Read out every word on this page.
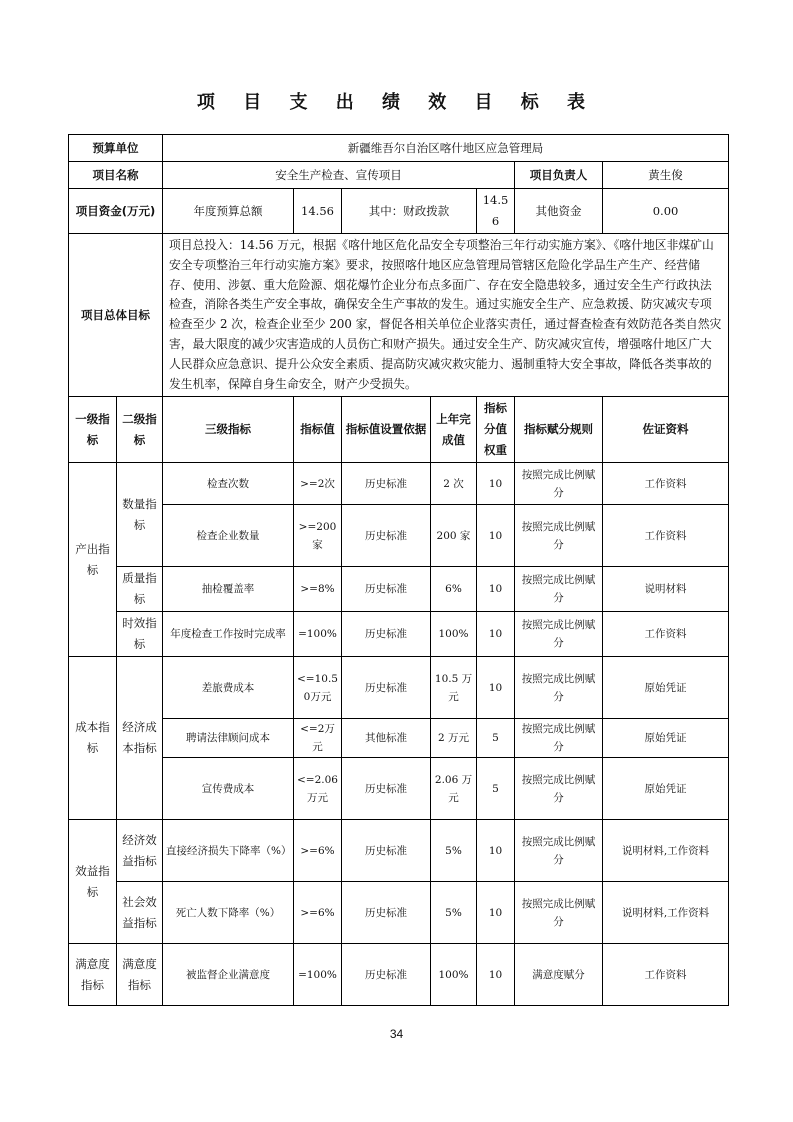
项 目 支 出 绩 效 目 标 表
预算单位		新疆维吾尔自治区喀什地区应急管理局						
项目名称		安全生产检查、宣传项目					项目负责人	黄生俊
项目资金(万元)		年度预算总额	14.56	其中：财政拨款		14.56	其他资金	0.00
项目总体目标		项目总投入：14.56 万元，根据《喀什地区危化品安全专项整治三年行动实施方案》、《喀什地区非煤矿山安全专项整治三年行动实施方案》要求，按照喀什地区应急管理局管辖区危险化学品生产生产、经营储存、使用、涉氨、重大危险源、烟花爆竹企业分布点多面广、存在安全隐患较多，通过安全生产行政执法检查，消除各类生产安全事故，确保安全生产事故的发生。通过实施安全生产、应急救援、防灾减灾专项检查至少 2 次，检查企业至少 200 家，督促各相关单位企业落实责任，通过督查检查有效防范各类自然灾害，最大限度的减少灾害造成的人员伤亡和财产损失。通过安全生产、防灾减灾宣传，增强喀什地区广大人民群众应急意识、提升公众安全素质、提高防灾减灾救灾能力、遏制重特大安全事故，降低各类事故的发生机率，保障自身生命安全，财产少受损失。						
一级指标	二级指标	三级指标	指标值	指标值设置依据	上年完成值	指标分值权重	指标赋分规则	佐证资料
产出指标	数量指标	检查次数	>=2次	历史标准	2 次	10	按照完成比例赋分	工作资料
		检查企业数量	>=200家	历史标准	200 家	10	按照完成比例赋分	工作资料
	质量指标	抽检覆盖率	>=8%	历史标准	6%	10	按照完成比例赋分	说明材料
	时效指标	年度检查工作按时完成率	=100%	历史标准	100%	10	按照完成比例赋分	工作资料
成本指标	经济成本指标	差旅费成本	<=10.50万元	历史标准	10.5 万元	10	按照完成比例赋分	原始凭证
		聘请法律顾问成本	<=2万元	其他标准	2 万元	5	按照完成比例赋分	原始凭证
		宣传费成本	<=2.06万元	历史标准	2.06 万元	5	按照完成比例赋分	原始凭证
效益指标	经济效益指标	直接经济损失下降率（%）	>=6%	历史标准	5%	10	按照完成比例赋分	说明材料,工作资料
	社会效益指标	死亡人数下降率（%）	>=6%	历史标准	5%	10	按照完成比例赋分	说明材料,工作资料
满意度指标	满意度指标	被监督企业满意度	=100%	历史标准	100%	10	满意度赋分	工作资料
34
